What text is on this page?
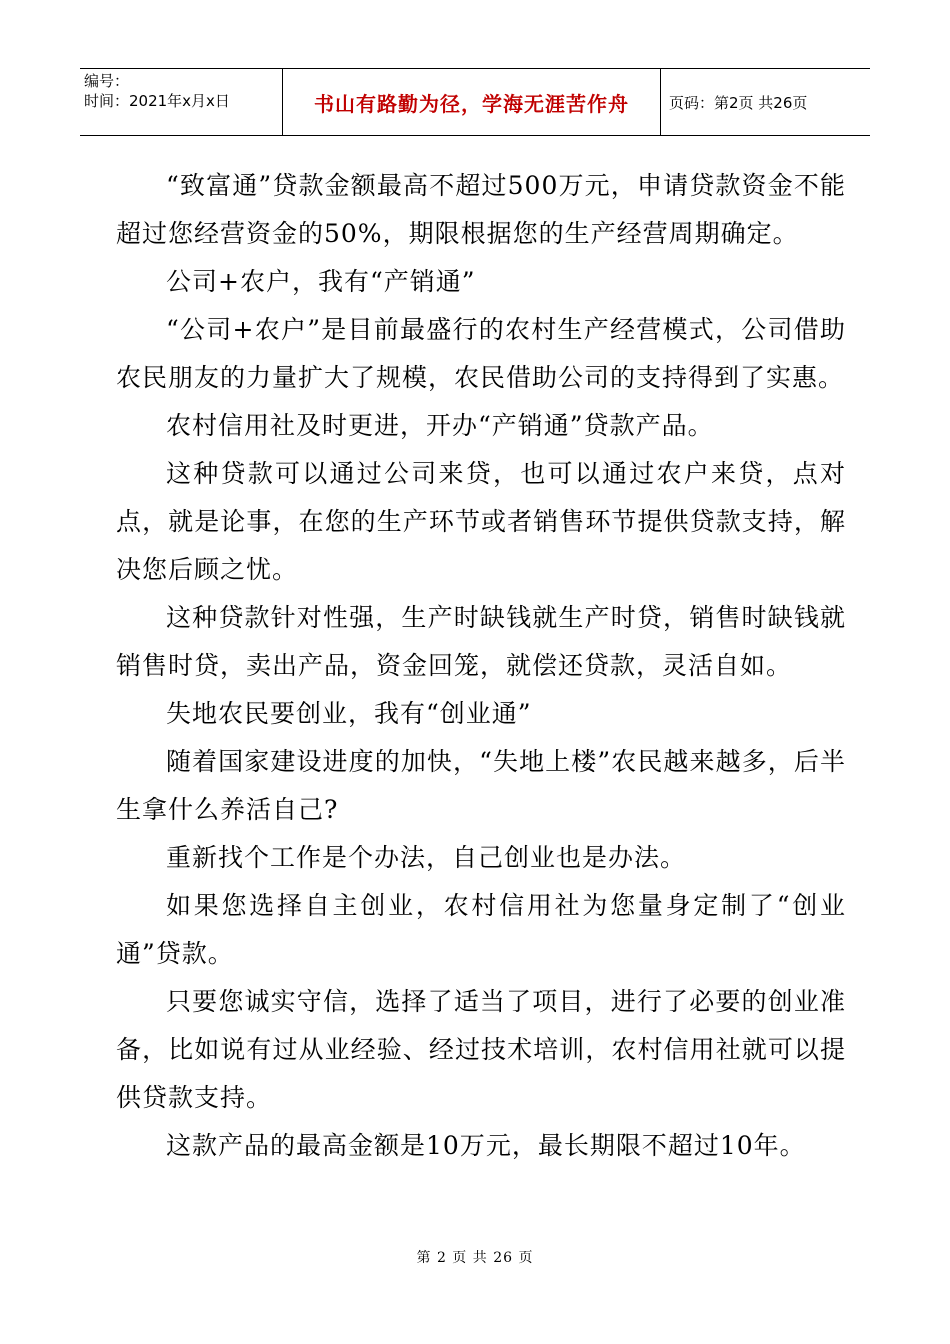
编号：
时间：2021年x月x日	书山有路勤为径，学海无涯苦作舟	页码：第2页 共26页

“致富通”贷款金额最高不超过500万元，申请贷款资金不能超过您经营资金的50%，期限根据您的生产经营周期确定。

公司+农户，我有“产销通”

“公司+农户”是目前最盛行的农村生产经营模式，公司借助农民朋友的力量扩大了规模，农民借助公司的支持得到了实惠。

农村信用社及时更进，开办“产销通”贷款产品。

这种贷款可以通过公司来贷，也可以通过农户来贷，点对点，就是论事，在您的生产环节或者销售环节提供贷款支持，解决您后顾之忧。

这种贷款针对性强，生产时缺钱就生产时贷，销售时缺钱就销售时贷，卖出产品，资金回笼，就偿还贷款，灵活自如。

失地农民要创业，我有“创业通”

随着国家建设进度的加快，“失地上楼”农民越来越多，后半生拿什么养活自己?

重新找个工作是个办法，自己创业也是办法。

如果您选择自主创业，农村信用社为您量身定制了“创业通”贷款。

只要您诚实守信，选择了适当了项目，进行了必要的创业准备，比如说有过从业经验、经过技术培训，农村信用社就可以提供贷款支持。

这款产品的最高金额是10万元，最长期限不超过10年。

第 2 页 共 26 页
